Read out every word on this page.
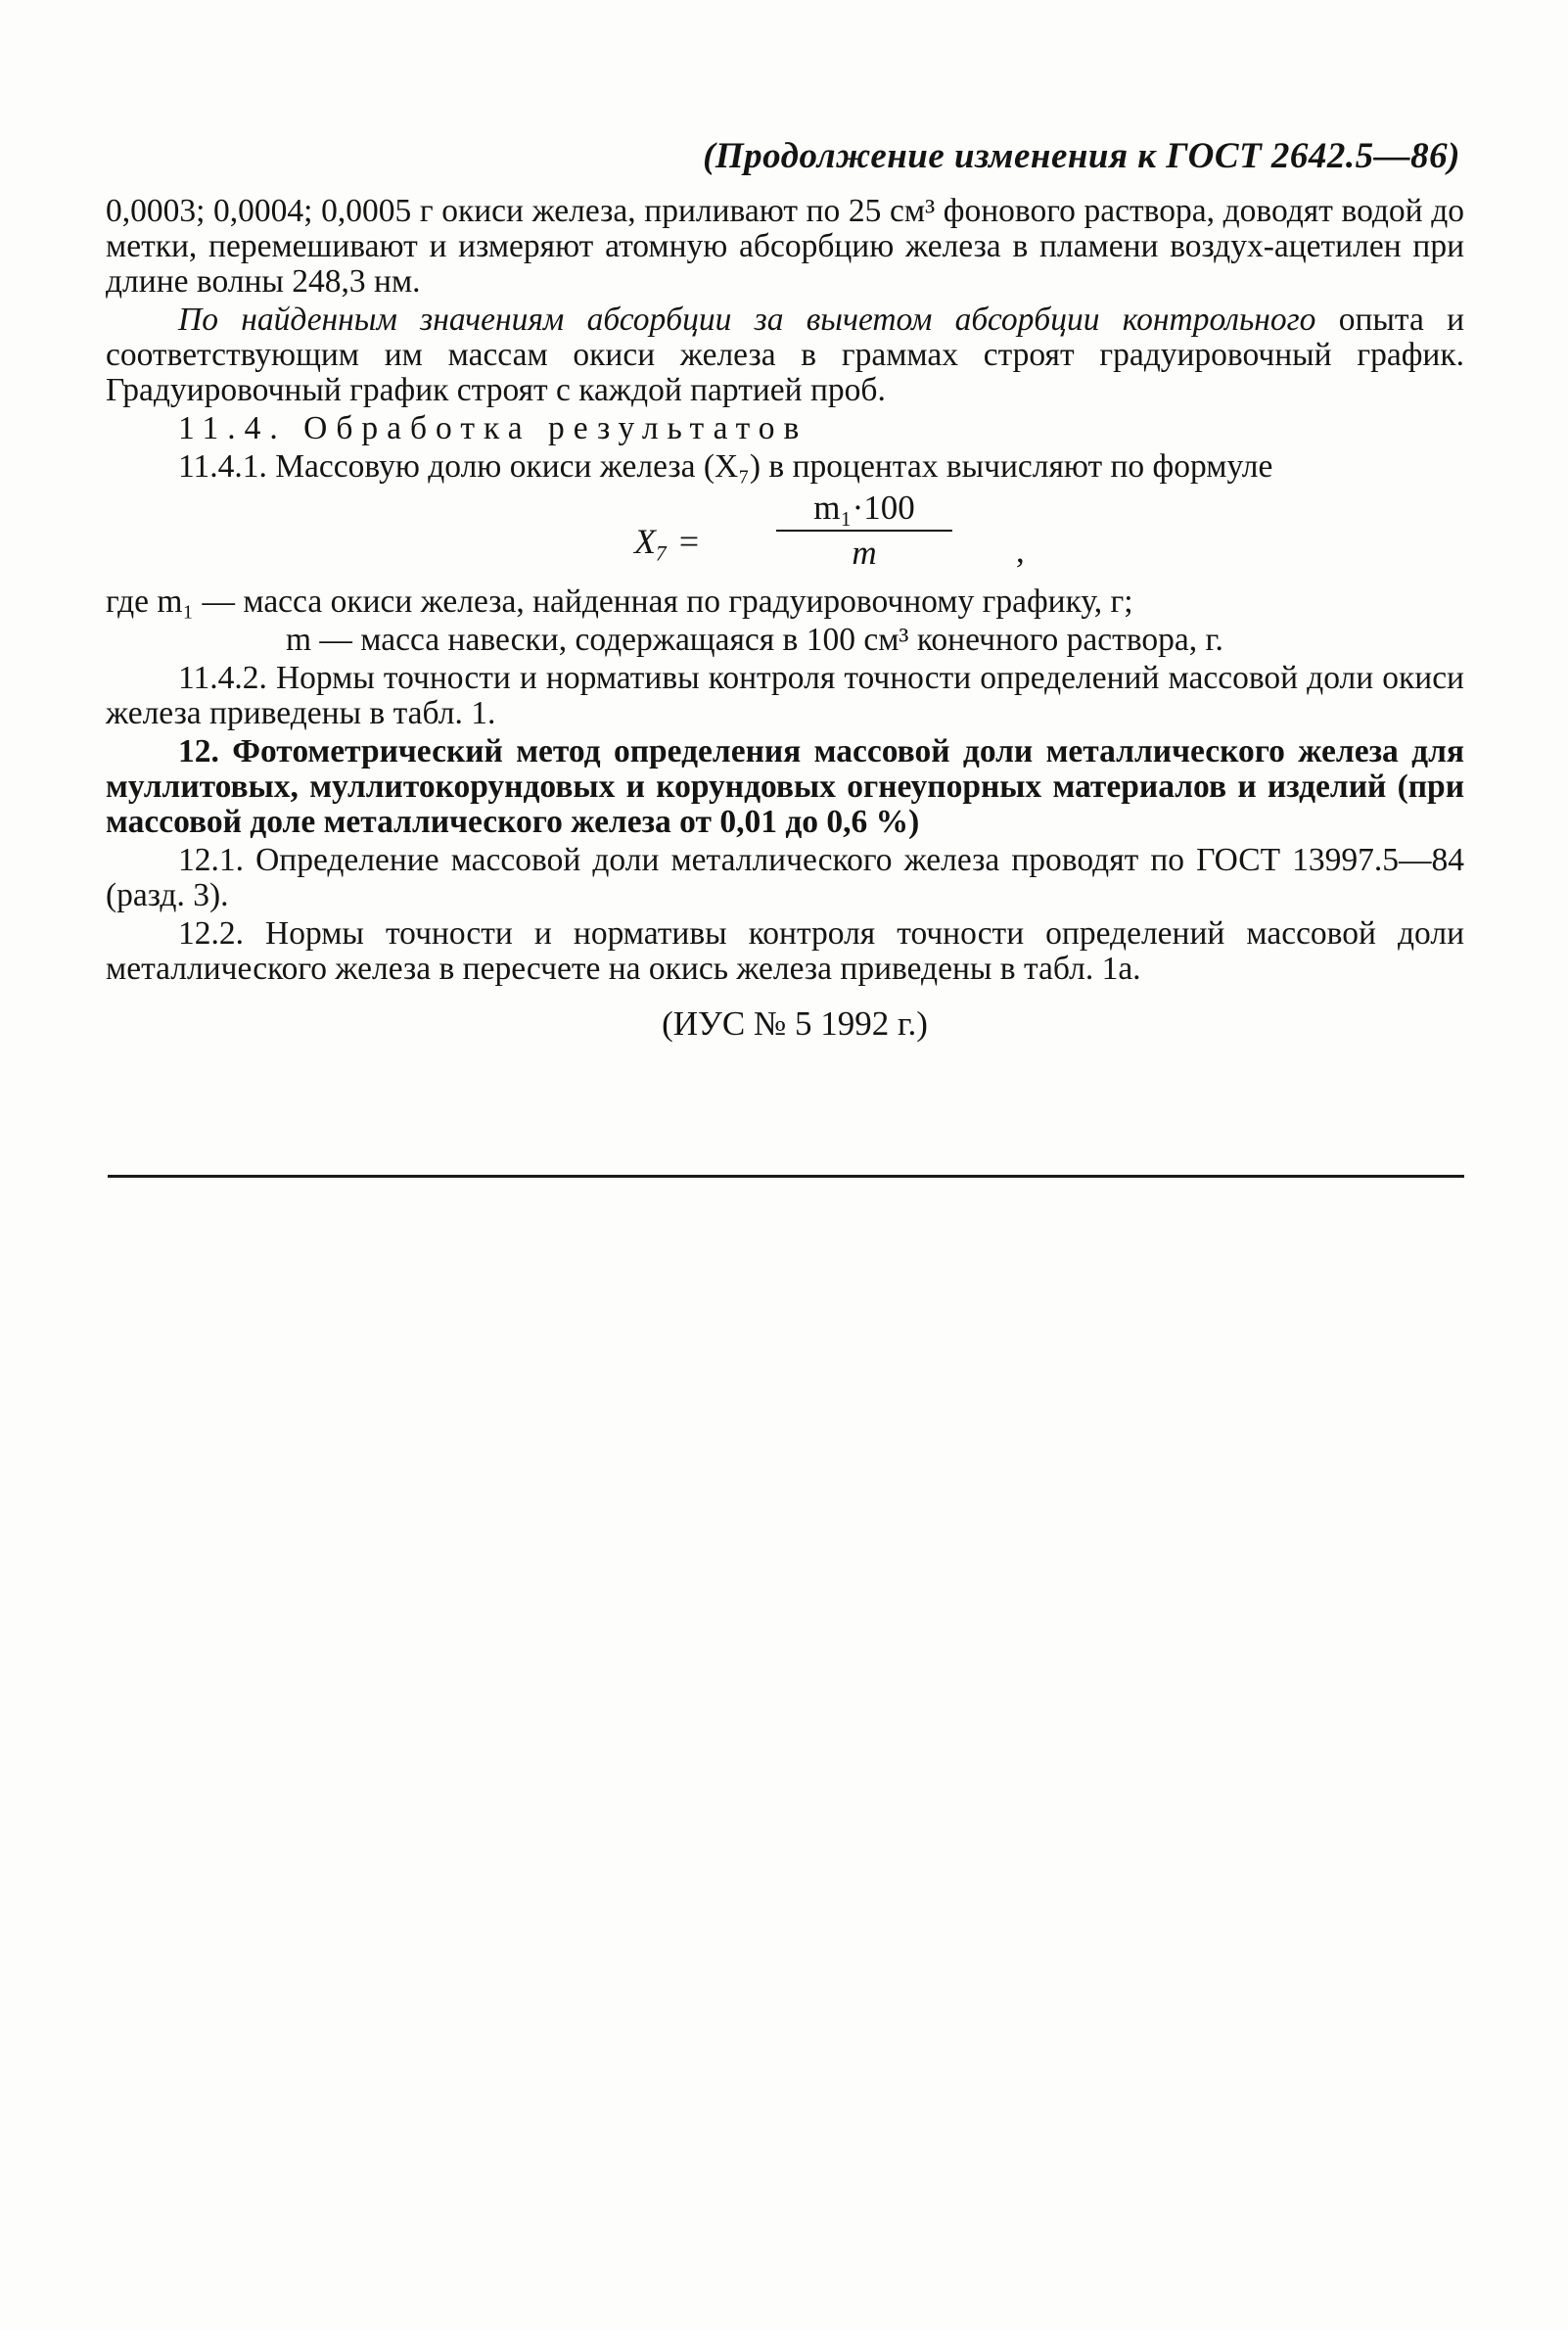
(Продолжение изменения к ГОСТ 2642.5—86)

0,0003; 0,0004; 0,0005 г окиси железа, приливают по 25 см³ фонового раствора, доводят водой до метки, перемешивают и измеряют атомную абсорбцию железа в пламени воздух-ацетилен при длине волны 248,3 нм.

По найденным значениям абсорбции за вычетом абсорбции контрольного опыта и соответствующим им массам окиси железа в граммах строят градуировочный график. Градуировочный график строят с каждой партией проб.

11.4. Обработка результатов

11.4.1. Массовую долю окиси железа (X₇) в процентах вычисляют по формуле

X₇ =
m₁·100
m	,

где m₁ — масса окиси железа, найденная по градуировочному графику, г;

m — масса навески, содержащаяся в 100 см³ конечного раствора, г.

11.4.2. Нормы точности и нормативы контроля точности определений массовой доли окиси железа приведены в табл. 1.

12. Фотометрический метод определения массовой доли металлического железа для муллитовых, муллитокорундовых и корундовых огнеупорных материалов и изделий (при массовой доле металлического железа от 0,01 до 0,6 %)

12.1. Определение массовой доли металлического железа проводят по ГОСТ 13997.5—84 (разд. 3).

12.2. Нормы точности и нормативы контроля точности определений массовой доли металлического железа в пересчете на окись железа приведены в табл. 1а.

(ИУС № 5 1992 г.)
